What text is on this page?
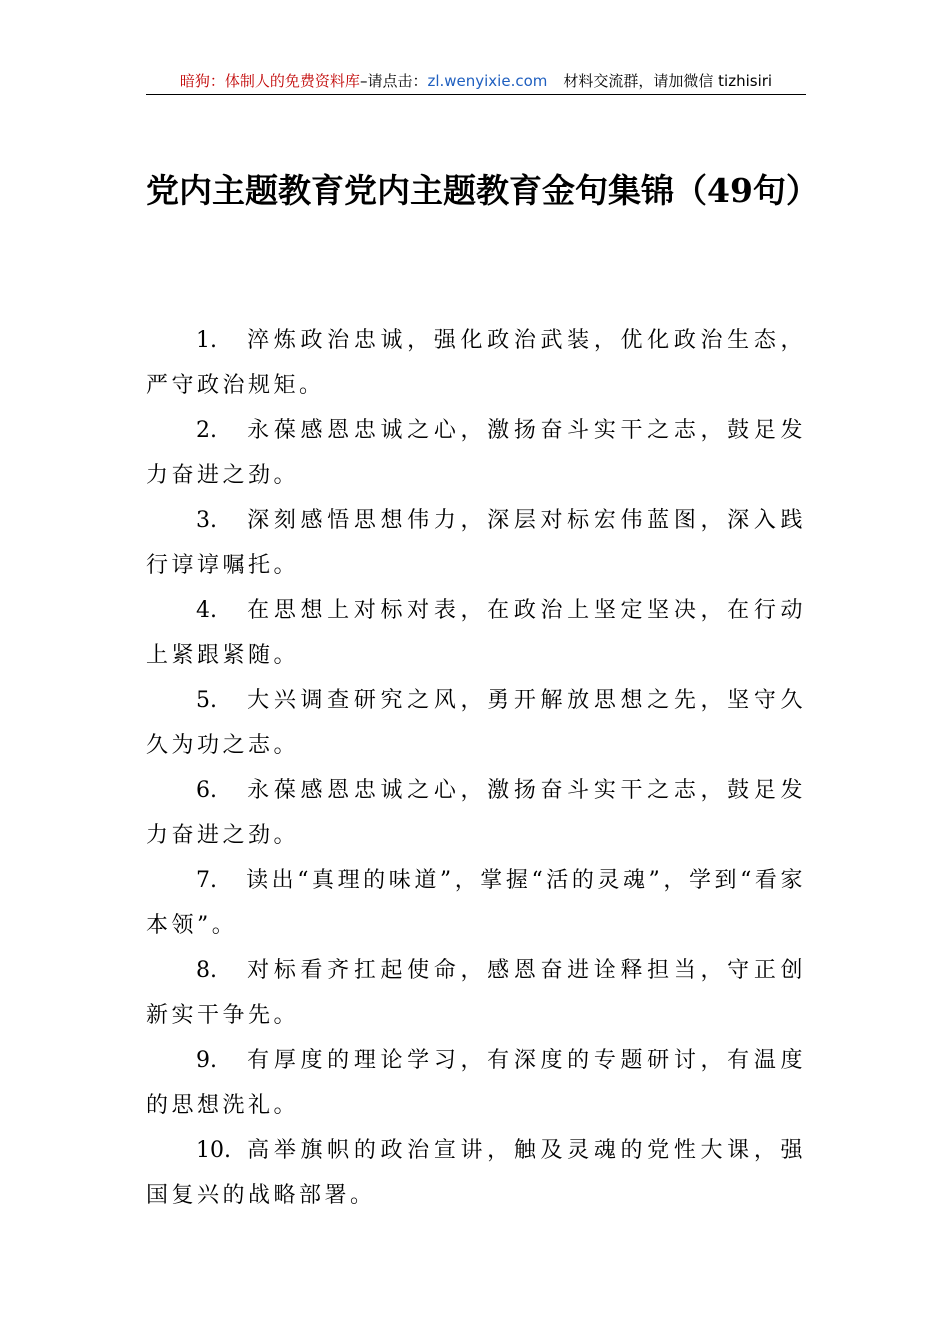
暗狗：体制人的免费资料库–请点击：zl.wenyixie.com 材料交流群，请加微信 tizhisiri
党内主题教育党内主题教育金句集锦（49句）

1. 淬炼政治忠诚，强化政治武装，优化政治生态，严守政治规矩。

2. 永葆感恩忠诚之心，激扬奋斗实干之志，鼓足发力奋进之劲。

3. 深刻感悟思想伟力，深层对标宏伟蓝图，深入践行谆谆嘱托。

4. 在思想上对标对表，在政治上坚定坚决，在行动上紧跟紧随。

5. 大兴调查研究之风，勇开解放思想之先，坚守久久为功之志。

6. 永葆感恩忠诚之心，激扬奋斗实干之志，鼓足发力奋进之劲。

7. 读出“真理的味道”，掌握“活的灵魂”，学到“看家本领”。

8. 对标看齐扛起使命，感恩奋进诠释担当，守正创新实干争先。

9. 有厚度的理论学习，有深度的专题研讨，有温度的思想洗礼。

10. 高举旗帜的政治宣讲，触及灵魂的党性大课，强国复兴的战略部署。
